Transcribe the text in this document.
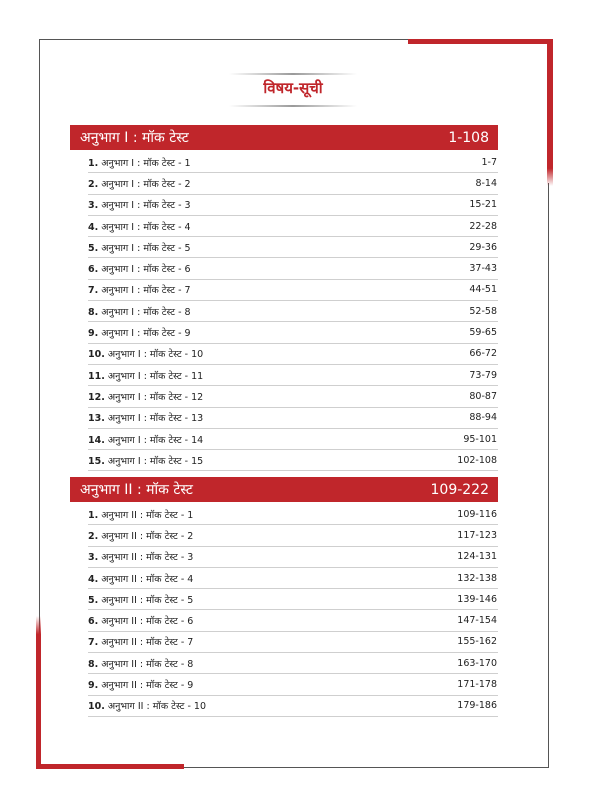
विषय-सूची
अनुभाग I : मॉक टेस्ट	1-108
1. अनुभाग I : मॉक टेस्ट - 1	1-7
2. अनुभाग I : मॉक टेस्ट - 2	8-14
3. अनुभाग I : मॉक टेस्ट - 3	15-21
4. अनुभाग I : मॉक टेस्ट - 4	22-28
5. अनुभाग I : मॉक टेस्ट - 5	29-36
6. अनुभाग I : मॉक टेस्ट - 6	37-43
7. अनुभाग I : मॉक टेस्ट - 7	44-51
8. अनुभाग I : मॉक टेस्ट - 8	52-58
9. अनुभाग I : मॉक टेस्ट - 9	59-65
10. अनुभाग I : मॉक टेस्ट - 10	66-72
11. अनुभाग I : मॉक टेस्ट - 11	73-79
12. अनुभाग I : मॉक टेस्ट - 12	80-87
13. अनुभाग I : मॉक टेस्ट - 13	88-94
14. अनुभाग I : मॉक टेस्ट - 14	95-101
15. अनुभाग I : मॉक टेस्ट - 15	102-108
अनुभाग II : मॉक टेस्ट	109-222
1. अनुभाग II : मॉक टेस्ट - 1	109-116
2. अनुभाग II : मॉक टेस्ट - 2	117-123
3. अनुभाग II : मॉक टेस्ट - 3	124-131
4. अनुभाग II : मॉक टेस्ट - 4	132-138
5. अनुभाग II : मॉक टेस्ट - 5	139-146
6. अनुभाग II : मॉक टेस्ट - 6	147-154
7. अनुभाग II : मॉक टेस्ट - 7	155-162
8. अनुभाग II : मॉक टेस्ट - 8	163-170
9. अनुभाग II : मॉक टेस्ट - 9	171-178
10. अनुभाग II : मॉक टेस्ट - 10	179-186
